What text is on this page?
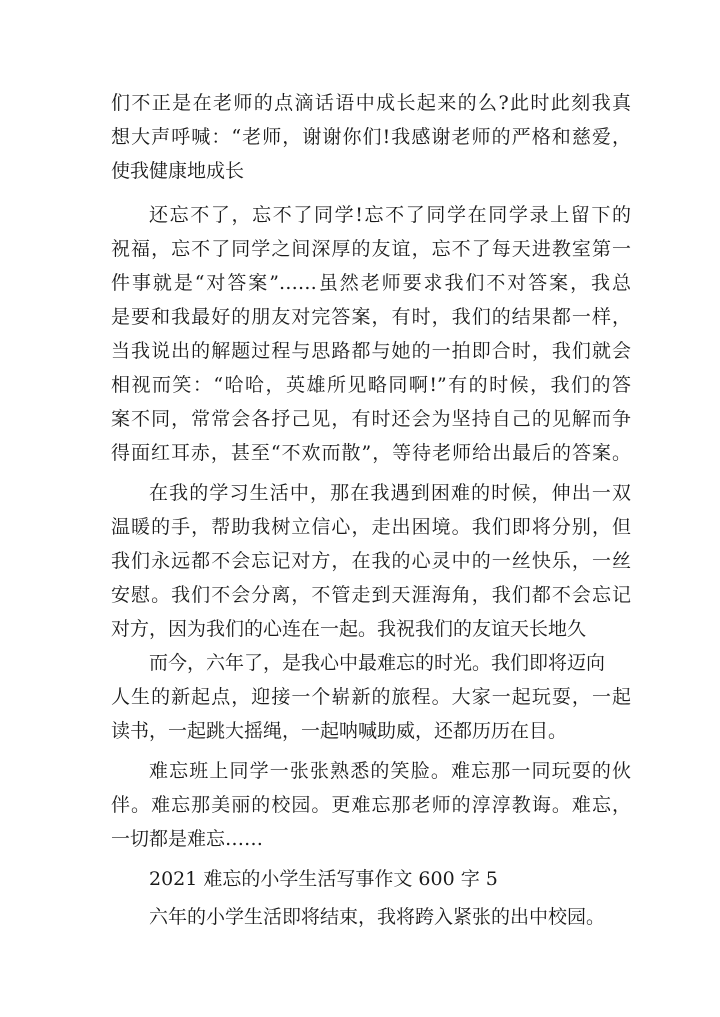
们不正是在老师的点滴话语中成长起来的么?此时此刻我真
想大声呼喊：“老师，谢谢你们!我感谢老师的严格和慈爱，
使我健康地成长
还忘不了，忘不了同学!忘不了同学在同学录上留下的
祝福，忘不了同学之间深厚的友谊，忘不了每天进教室第一
件事就是“对答案”……虽然老师要求我们不对答案，我总
是要和我最好的朋友对完答案，有时，我们的结果都一样，
当我说出的解题过程与思路都与她的一拍即合时，我们就会
相视而笑：“哈哈，英雄所见略同啊!”有的时候，我们的答
案不同，常常会各抒己见，有时还会为坚持自己的见解而争
得面红耳赤，甚至“不欢而散”，等待老师给出最后的答案。
在我的学习生活中，那在我遇到困难的时候，伸出一双
温暖的手，帮助我树立信心，走出困境。我们即将分别，但
我们永远都不会忘记对方，在我的心灵中的一丝快乐，一丝
安慰。我们不会分离，不管走到天涯海角，我们都不会忘记
对方，因为我们的心连在一起。我祝我们的友谊天长地久
而今，六年了，是我心中最难忘的时光。我们即将迈向
人生的新起点，迎接一个崭新的旅程。大家一起玩耍，一起
读书，一起跳大摇绳，一起呐喊助威，还都历历在目。
难忘班上同学一张张熟悉的笑脸。难忘那一同玩耍的伙
伴。难忘那美丽的校园。更难忘那老师的淳淳教诲。难忘，
一切都是难忘……
2021 难忘的小学生活写事作文 600 字 5
六年的小学生活即将结束，我将跨入紧张的出中校园。
